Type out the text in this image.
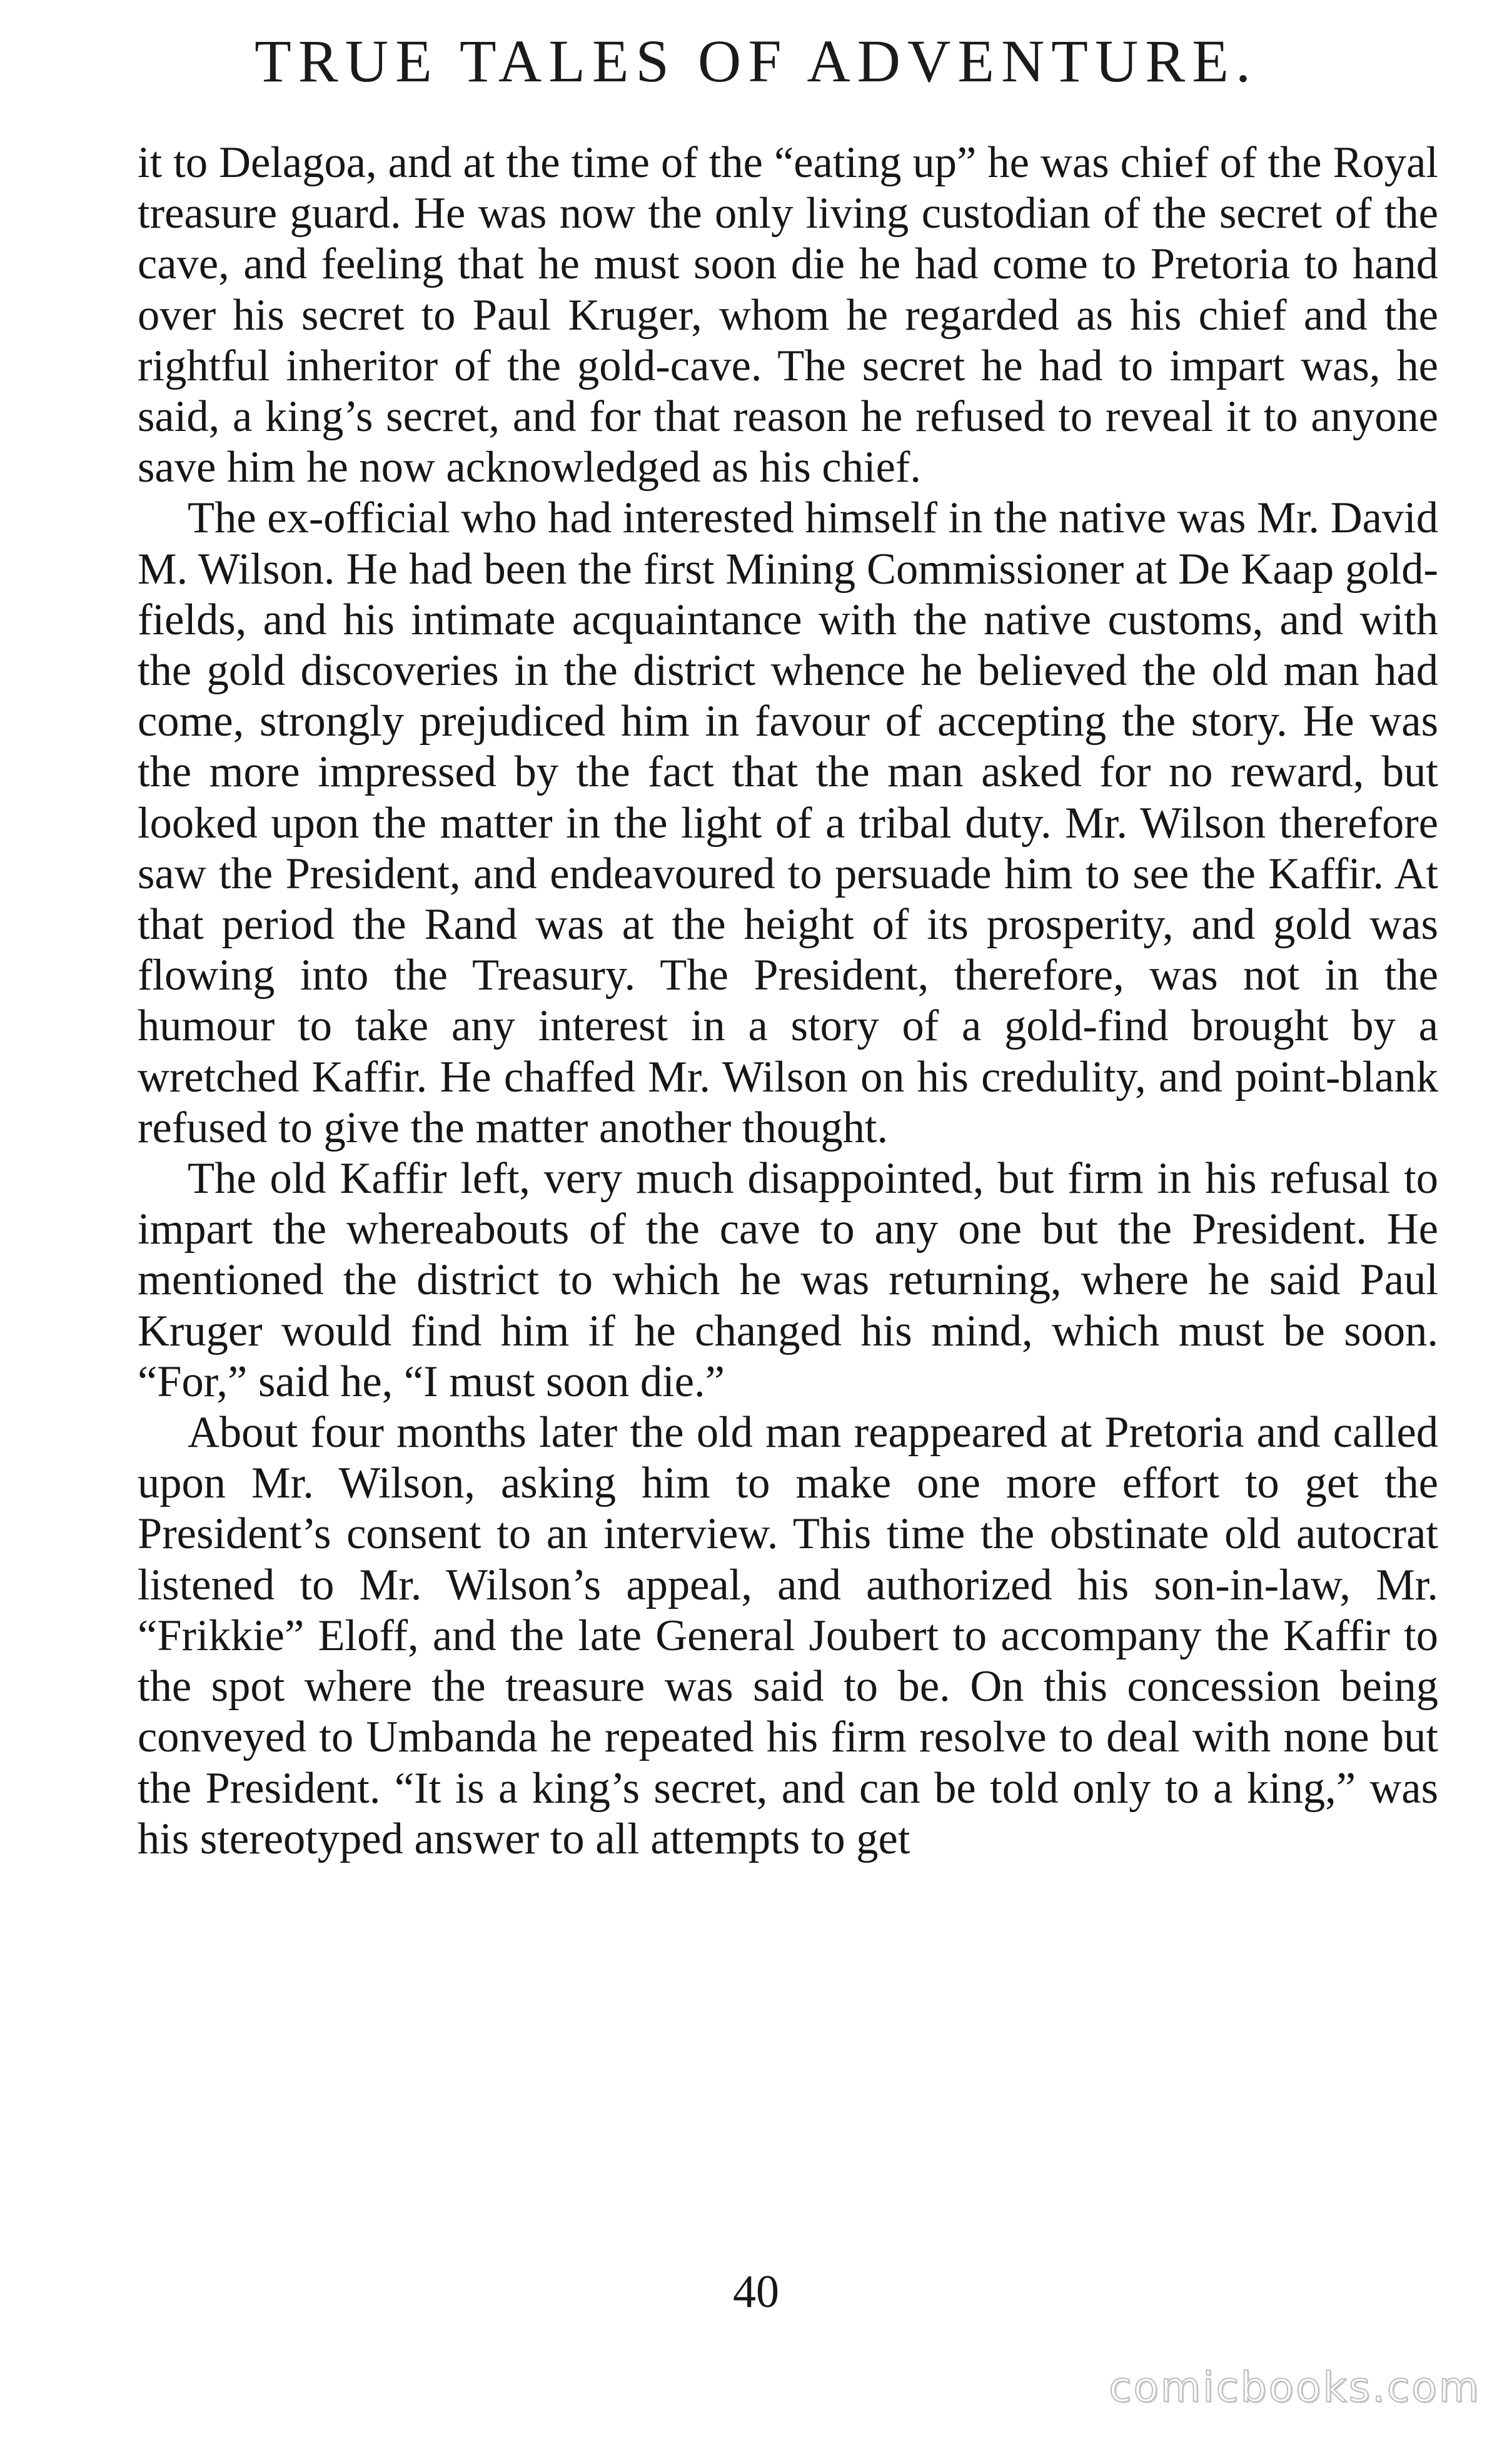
TRUE TALES OF ADVENTURE.

it to Delagoa, and at the time of the “eating up” he was chief of the Royal treasure guard. He was now the only living custodian of the secret of the cave, and feeling that he must soon die he had come to Pretoria to hand over his secret to Paul Kruger, whom he regarded as his chief and the rightful inheritor of the gold-cave. The secret he had to impart was, he said, a king’s secret, and for that reason he refused to reveal it to anyone save him he now acknowledged as his chief.

The ex-official who had interested himself in the native was Mr. David M. Wilson. He had been the first Mining Commissioner at De Kaap gold-fields, and his intimate acquaintance with the native customs, and with the gold discoveries in the district whence he believed the old man had come, strongly prejudiced him in favour of accepting the story. He was the more impressed by the fact that the man asked for no reward, but looked upon the matter in the light of a tribal duty. Mr. Wilson therefore saw the President, and endeavoured to persuade him to see the Kaffir. At that period the Rand was at the height of its prosperity, and gold was flowing into the Treasury. The President, therefore, was not in the humour to take any interest in a story of a gold-find brought by a wretched Kaffir. He chaffed Mr. Wilson on his credulity, and point-blank refused to give the matter another thought.

The old Kaffir left, very much disappointed, but firm in his refusal to impart the whereabouts of the cave to any one but the President. He mentioned the district to which he was returning, where he said Paul Kruger would find him if he changed his mind, which must be soon. “For,” said he, “I must soon die.”

About four months later the old man reappeared at Pretoria and called upon Mr. Wilson, asking him to make one more effort to get the President’s consent to an interview. This time the obstinate old autocrat listened to Mr. Wilson’s appeal, and authorized his son-in-law, Mr. “Frikkie” Eloff, and the late General Joubert to accompany the Kaffir to the spot where the treasure was said to be. On this concession being conveyed to Umbanda he repeated his firm resolve to deal with none but the President. “It is a king’s secret, and can be told only to a king,” was his stereotyped answer to all attempts to get

40
comicbooks.com
